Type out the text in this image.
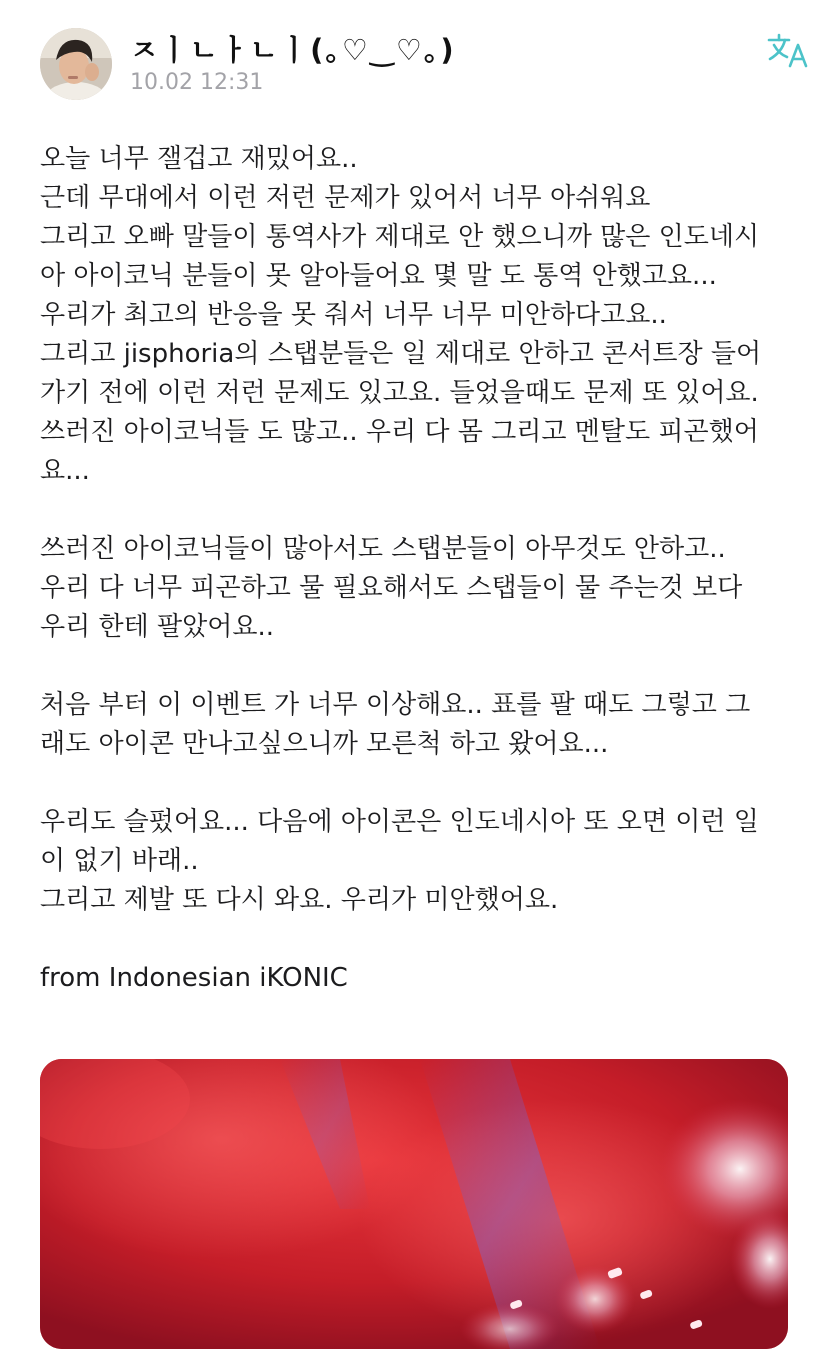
ㅈㅣㄴㅏㄴㅣ(｡♡‿♡｡)
10.02 12:31
오늘 너무 잴겁고 재밌어요..
근데 무대에서 이런 저런 문제가 있어서 너무 아쉬워요
그리고 오빠 말들이 통역사가 제대로 안 했으니까 많은 인도네시
아 아이코닉 분들이 못 알아들어요 몇 말 도 통역 안했고요...
우리가 최고의 반응을 못 줘서 너무 너무 미안하다고요..
그리고 jisphoria의 스탭분들은 일 제대로 안하고 콘서트장 들어
가기 전에 이런 저런 문제도 있고요. 들었을때도 문제 또 있어요.
쓰러진 아이코닉들 도 많고.. 우리 다 몸 그리고 멘탈도 피곤했어
요...
쓰러진 아이코닉들이 많아서도 스탭분들이 아무것도 안하고..
우리 다 너무 피곤하고 물 필요해서도 스탭들이 물 주는것 보다
우리 한테 팔았어요..
처음 부터 이 이벤트 가 너무 이상해요.. 표를 팔 때도 그렇고 그
래도 아이콘 만나고싶으니까 모른척 하고 왔어요...
우리도 슬펐어요... 다음에 아이콘은 인도네시아 또 오면 이런 일
이 없기 바래..
그리고 제발 또 다시 와요. 우리가 미안했어요.
from Indonesian iKONIC
